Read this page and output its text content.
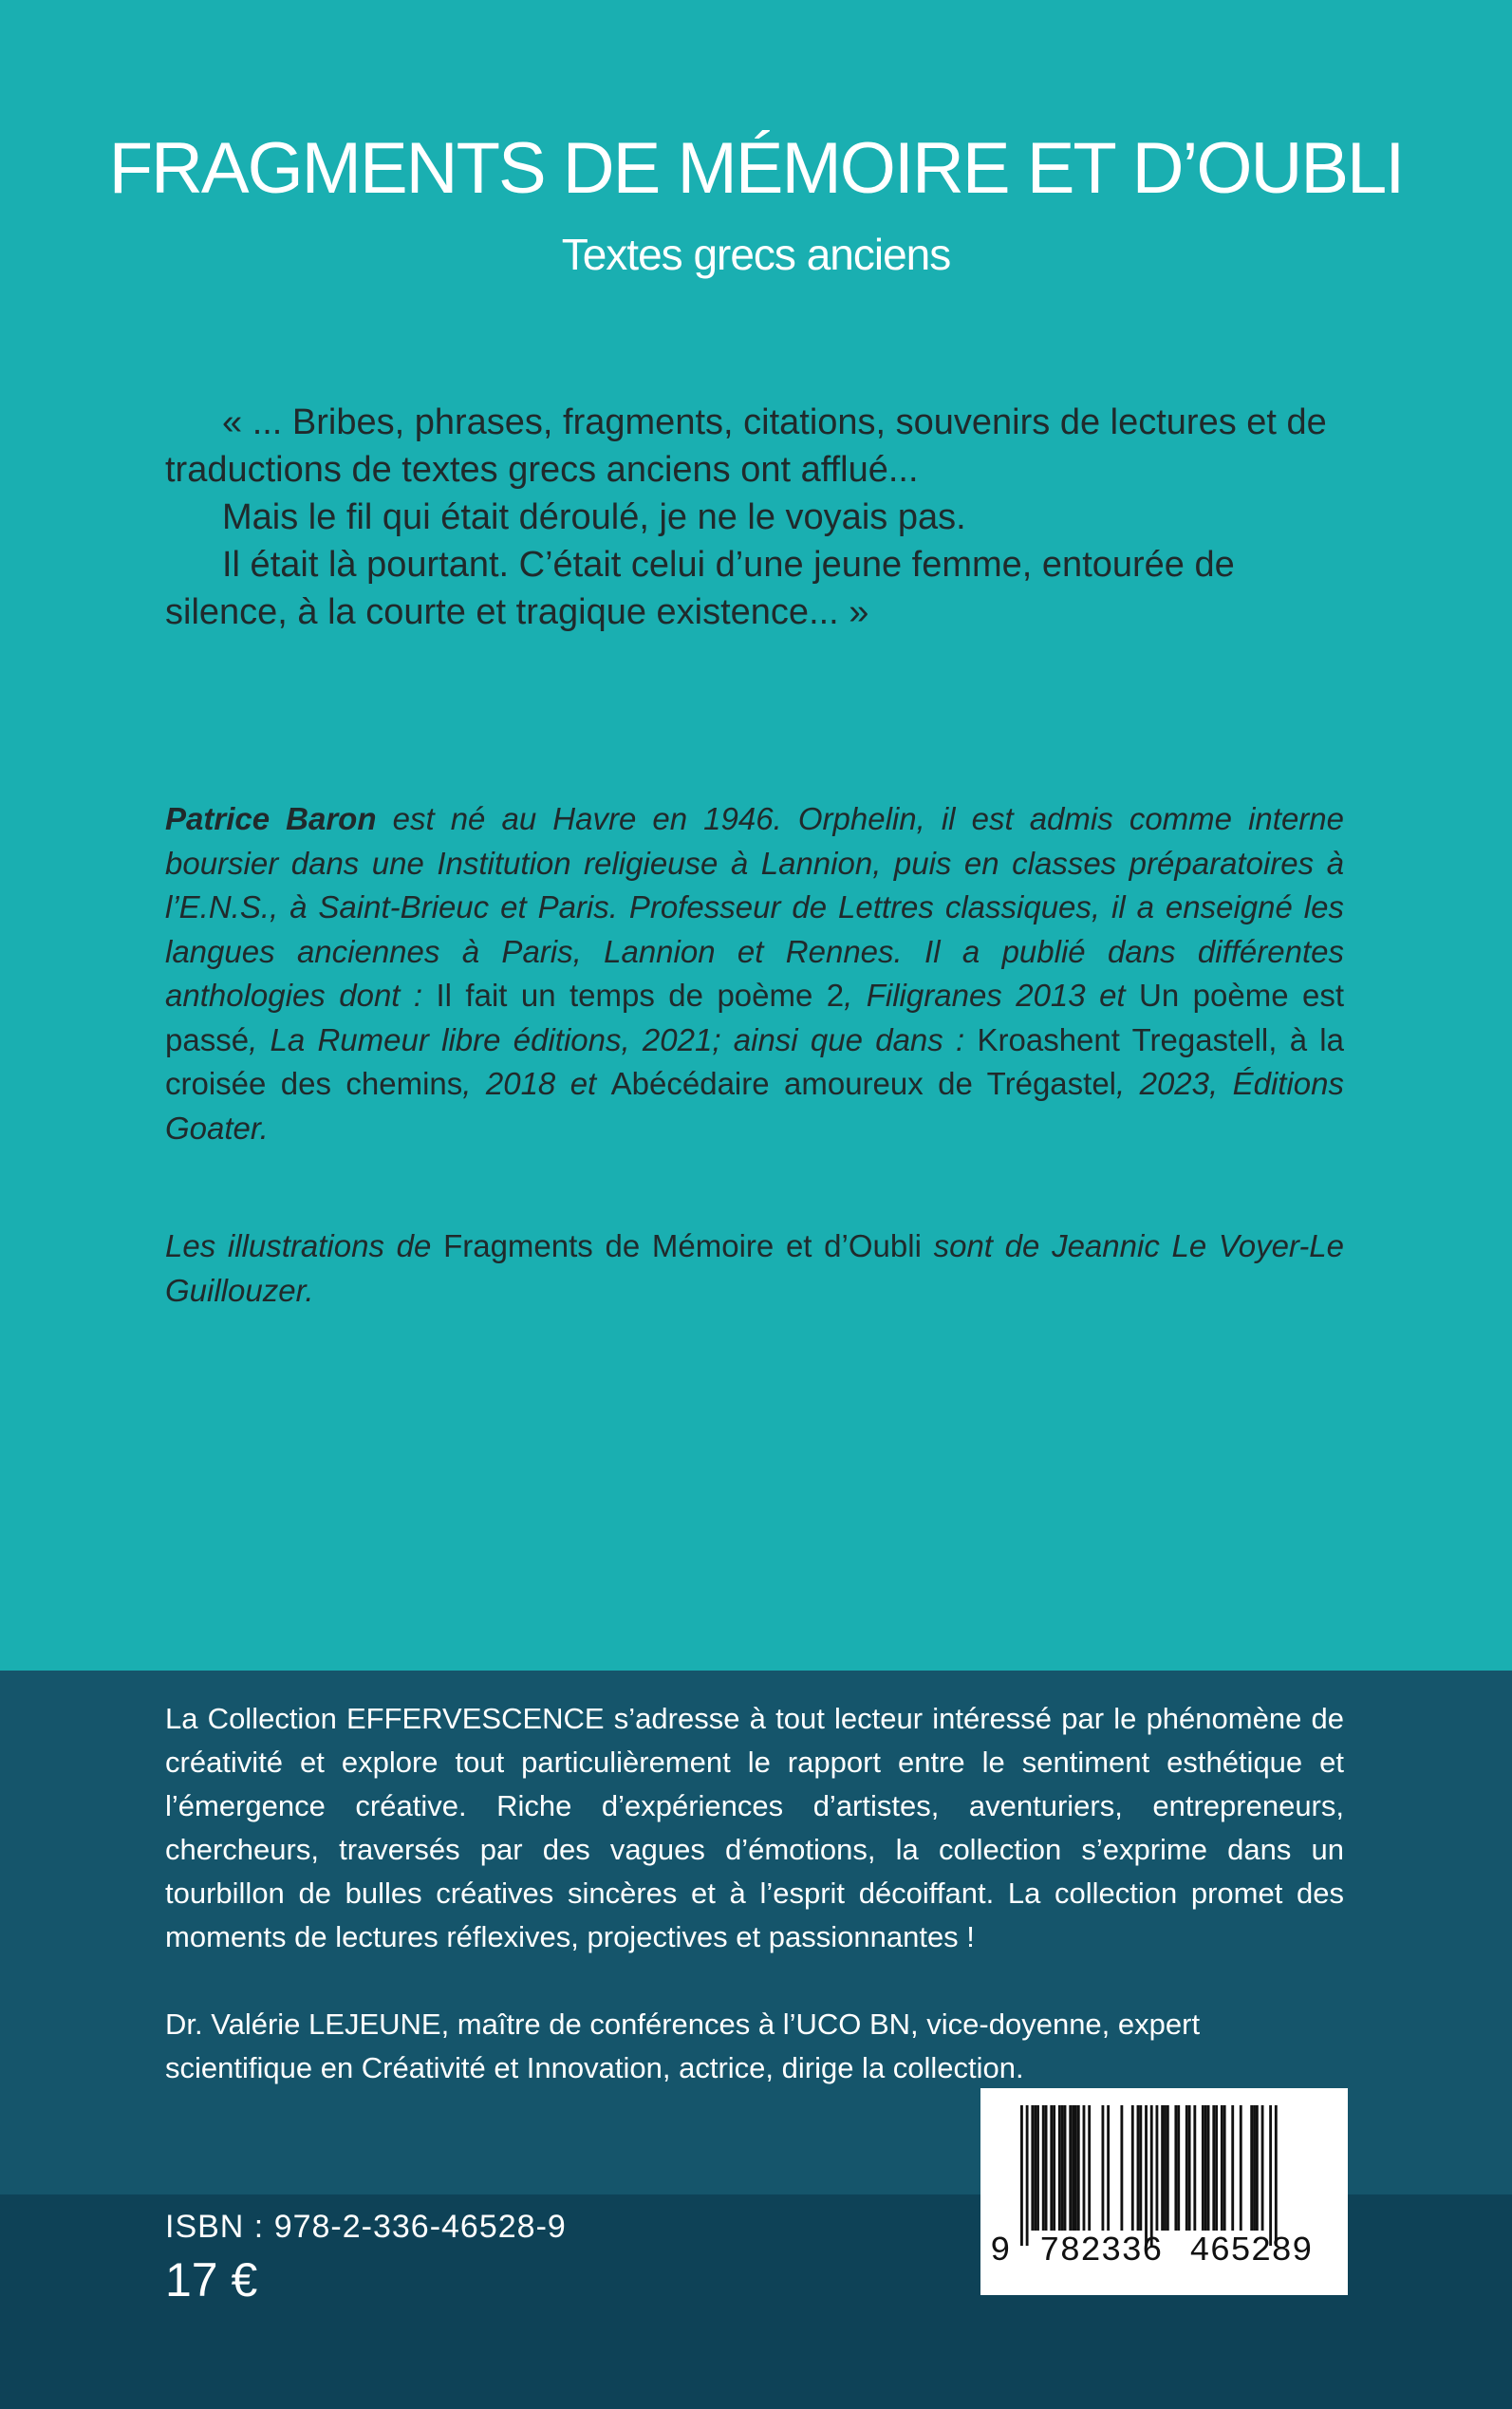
FRAGMENTS DE MÉMOIRE ET D’OUBLI
Textes grecs anciens

« ... Bribes, phrases, fragments, citations, souvenirs de lectures et de traductions de textes grecs anciens ont afflué...

Mais le fil qui était déroulé, je ne le voyais pas.

Il était là pourtant. C’était celui d’une jeune femme, entourée de silence, à la courte et tragique existence... »

Patrice Baron est né au Havre en 1946. Orphelin, il est admis comme interne boursier dans une Institution religieuse à Lannion, puis en classes préparatoires à l’E.N.S., à Saint-Brieuc et Paris. Professeur de Lettres classiques, il a enseigné les langues anciennes à Paris, Lannion et Rennes. Il a publié dans différentes anthologies dont : Il fait un temps de poème 2, Filigranes 2013 et Un poème est passé, La Rumeur libre éditions, 2021; ainsi que dans : Kroashent Tregastell, à la croisée des chemins, 2018 et Abécédaire amoureux de Trégastel, 2023, Éditions Goater.
Les illustrations de Fragments de Mémoire et d’Oubli sont de Jeannic Le Voyer-Le Guillouzer.
La Collection EFFERVESCENCE s’adresse à tout lecteur intéressé par le phénomène de créativité et explore tout particulièrement le rapport entre le sentiment esthétique et l’émergence créative. Riche d’expériences d’artistes, aventuriers, entrepreneurs, chercheurs, traversés par des vagues d’émotions, la collection s’exprime dans un tourbillon de bulles créatives sincères et à l’esprit décoiffant. La collection promet des moments de lectures réflexives, projectives et passionnantes !
Dr. Valérie LEJEUNE, maître de conférences à l’UCO BN, vice-doyenne, expert scientifique en Créativité et Innovation, actrice, dirige la collection.
ISBN : 978-2-336-46528-9
17 €
9 782336 465289
